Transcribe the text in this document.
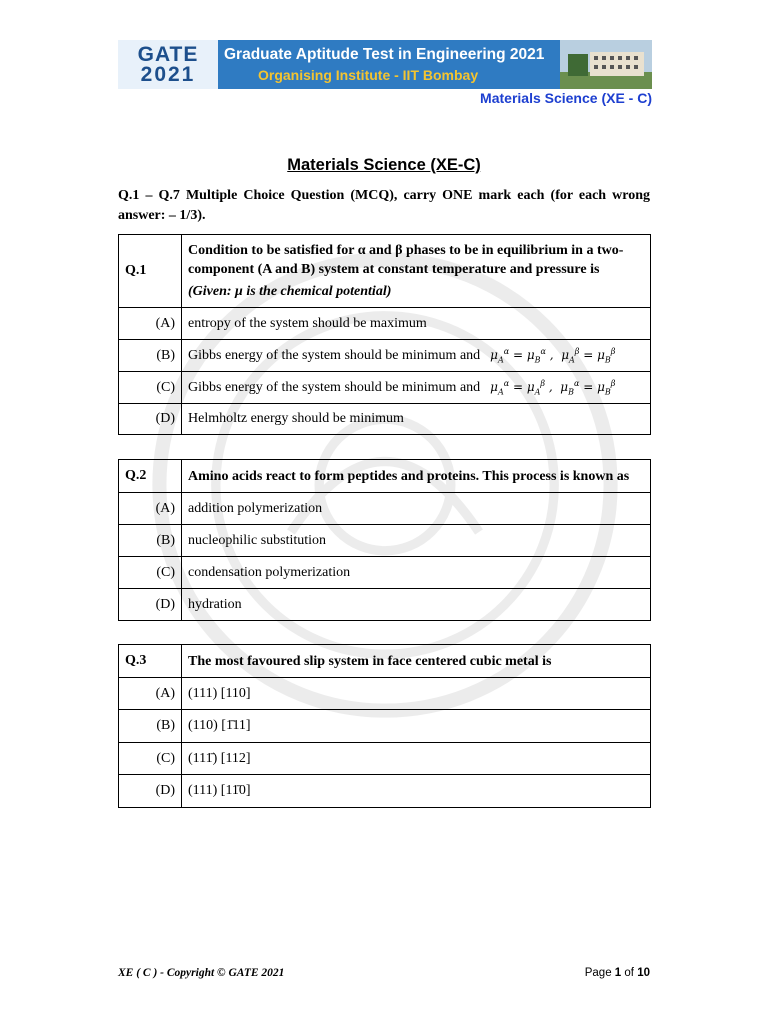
GATE
2021
Graduate Aptitude Test in Engineering 2021
Organising Institute - IIT Bombay
Materials Science (XE - C)
Materials Science (XE-C)
Q.1 – Q.7 Multiple Choice Question (MCQ), carry ONE mark each (for each wrong answer: – 1/3).
Q.1	Condition to be satisfied for α and β phases to be in equilibrium in a two-component (A and B) system at constant temperature and pressure is
(Given: μ is the chemical potential)

(A)	entropy of the system should be maximum
(B)	Gibbs energy of the system should be minimum and $\mu_A^\alpha = \mu_B^\alpha$ ,  $\mu_A^\beta = \mu_B^\beta$
(C)	Gibbs energy of the system should be minimum and $\mu_A^\alpha = \mu_A^\beta$ ,  $\mu_B^\alpha = \mu_B^\beta$
(D)	Helmholtz energy should be minimum
Q.2	Amino acids react to form peptides and proteins. This process is known as
(A)	addition polymerization
(B)	nucleophilic substitution
(C)	condensation polymerization
(D)	hydration
Q.3	The most favoured slip system in face centered cubic metal is
(A)	(111) [110]
(B)	(110) [1̄11]
(C)	(111̄) [112]
(D)	(111) [11̄0]
XE ( C ) - Copyright © GATE 2021	Page 1 of 10
